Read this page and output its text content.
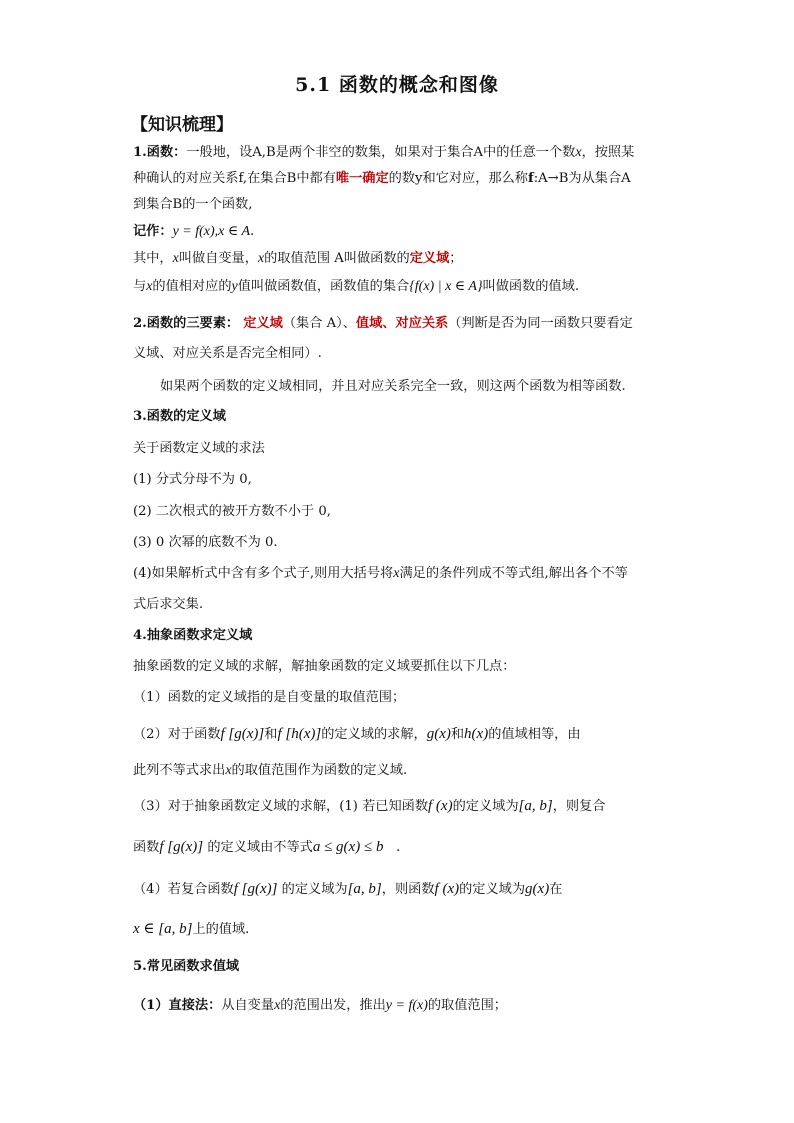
5.1 函数的概念和图像
【知识梳理】
1.函数：一般地，设A,B是两个非空的数集，如果对于集合A中的任意一个数x，按照某
种确认的对应关系f,在集合B中都有唯一确定的数y和它对应，那么称f:A→B为从集合A
到集合B的一个函数,
记作：y = f(x),x ∈ A.
其中，x叫做自变量，x的取值范围 A叫做函数的定义域；
与x的值相对应的y值叫做函数值，函数值的集合{f(x) | x ∈ A}叫做函数的值域.
2.函数的三要素： 定义域（集合 A）、值域、对应关系（判断是否为同一函数只要看定
义域、对应关系是否完全相同）.
如果两个函数的定义域相同，并且对应关系完全一致，则这两个函数为相等函数.
3.函数的定义域
关于函数定义域的求法
(1) 分式分母不为 0,
(2) 二次根式的被开方数不小于 0,
(3) 0 次幂的底数不为 0.
(4)如果解析式中含有多个式子,则用大括号将x满足的条件列成不等式组,解出各个不等
式后求交集.
4.抽象函数求定义域
抽象函数的定义域的求解，解抽象函数的定义域要抓住以下几点：
（1）函数的定义域指的是自变量的取值范围；
（2）对于函数f [g(x)]和f [h(x)]的定义域的求解，g(x)和h(x)的值域相等，由
此列不等式求出x的取值范围作为函数的定义域.
（3）对于抽象函数定义域的求解，(1) 若已知函数f (x)的定义域为[a, b]，则复合
函数f [g(x)] 的定义域由不等式a ≤ g(x) ≤ b .
（4）若复合函数f [g(x)] 的定义域为[a, b]，则函数f (x)的定义域为g(x)在
x ∈ [a, b]上的值域.
5.常见函数求值域
（1）直接法：从自变量x的范围出发，推出y = f(x)的取值范围；
